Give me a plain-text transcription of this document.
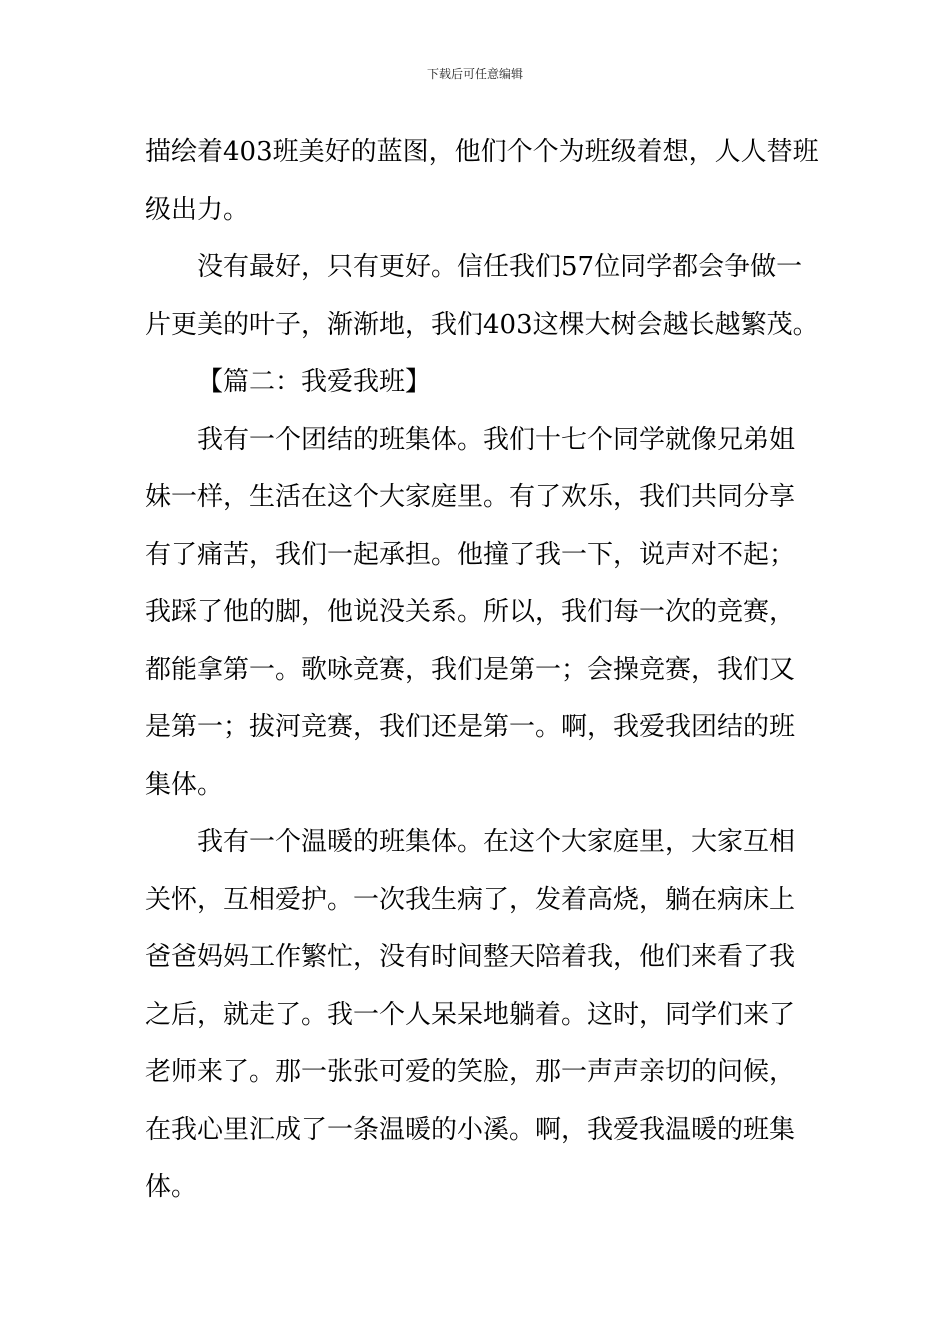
下载后可任意编辑
描绘着403班美好的蓝图，他们个个为班级着想，人人替班
级出力。
没有最好，只有更好。信任我们57位同学都会争做一
片更美的叶子，渐渐地，我们403这棵大树会越长越繁茂。
【篇二：我爱我班】
我有一个团结的班集体。我们十七个同学就像兄弟姐
妹一样，生活在这个大家庭里。有了欢乐，我们共同分享
有了痛苦，我们一起承担。他撞了我一下，说声对不起；
我踩了他的脚，他说没关系。所以，我们每一次的竞赛，
都能拿第一。歌咏竞赛，我们是第一；会操竞赛，我们又
是第一；拔河竞赛，我们还是第一。啊，我爱我团结的班
集体。
我有一个温暖的班集体。在这个大家庭里，大家互相
关怀，互相爱护。一次我生病了，发着高烧，躺在病床上
爸爸妈妈工作繁忙，没有时间整天陪着我，他们来看了我
之后，就走了。我一个人呆呆地躺着。这时，同学们来了
老师来了。那一张张可爱的笑脸，那一声声亲切的问候，
在我心里汇成了一条温暖的小溪。啊，我爱我温暖的班集
体。
